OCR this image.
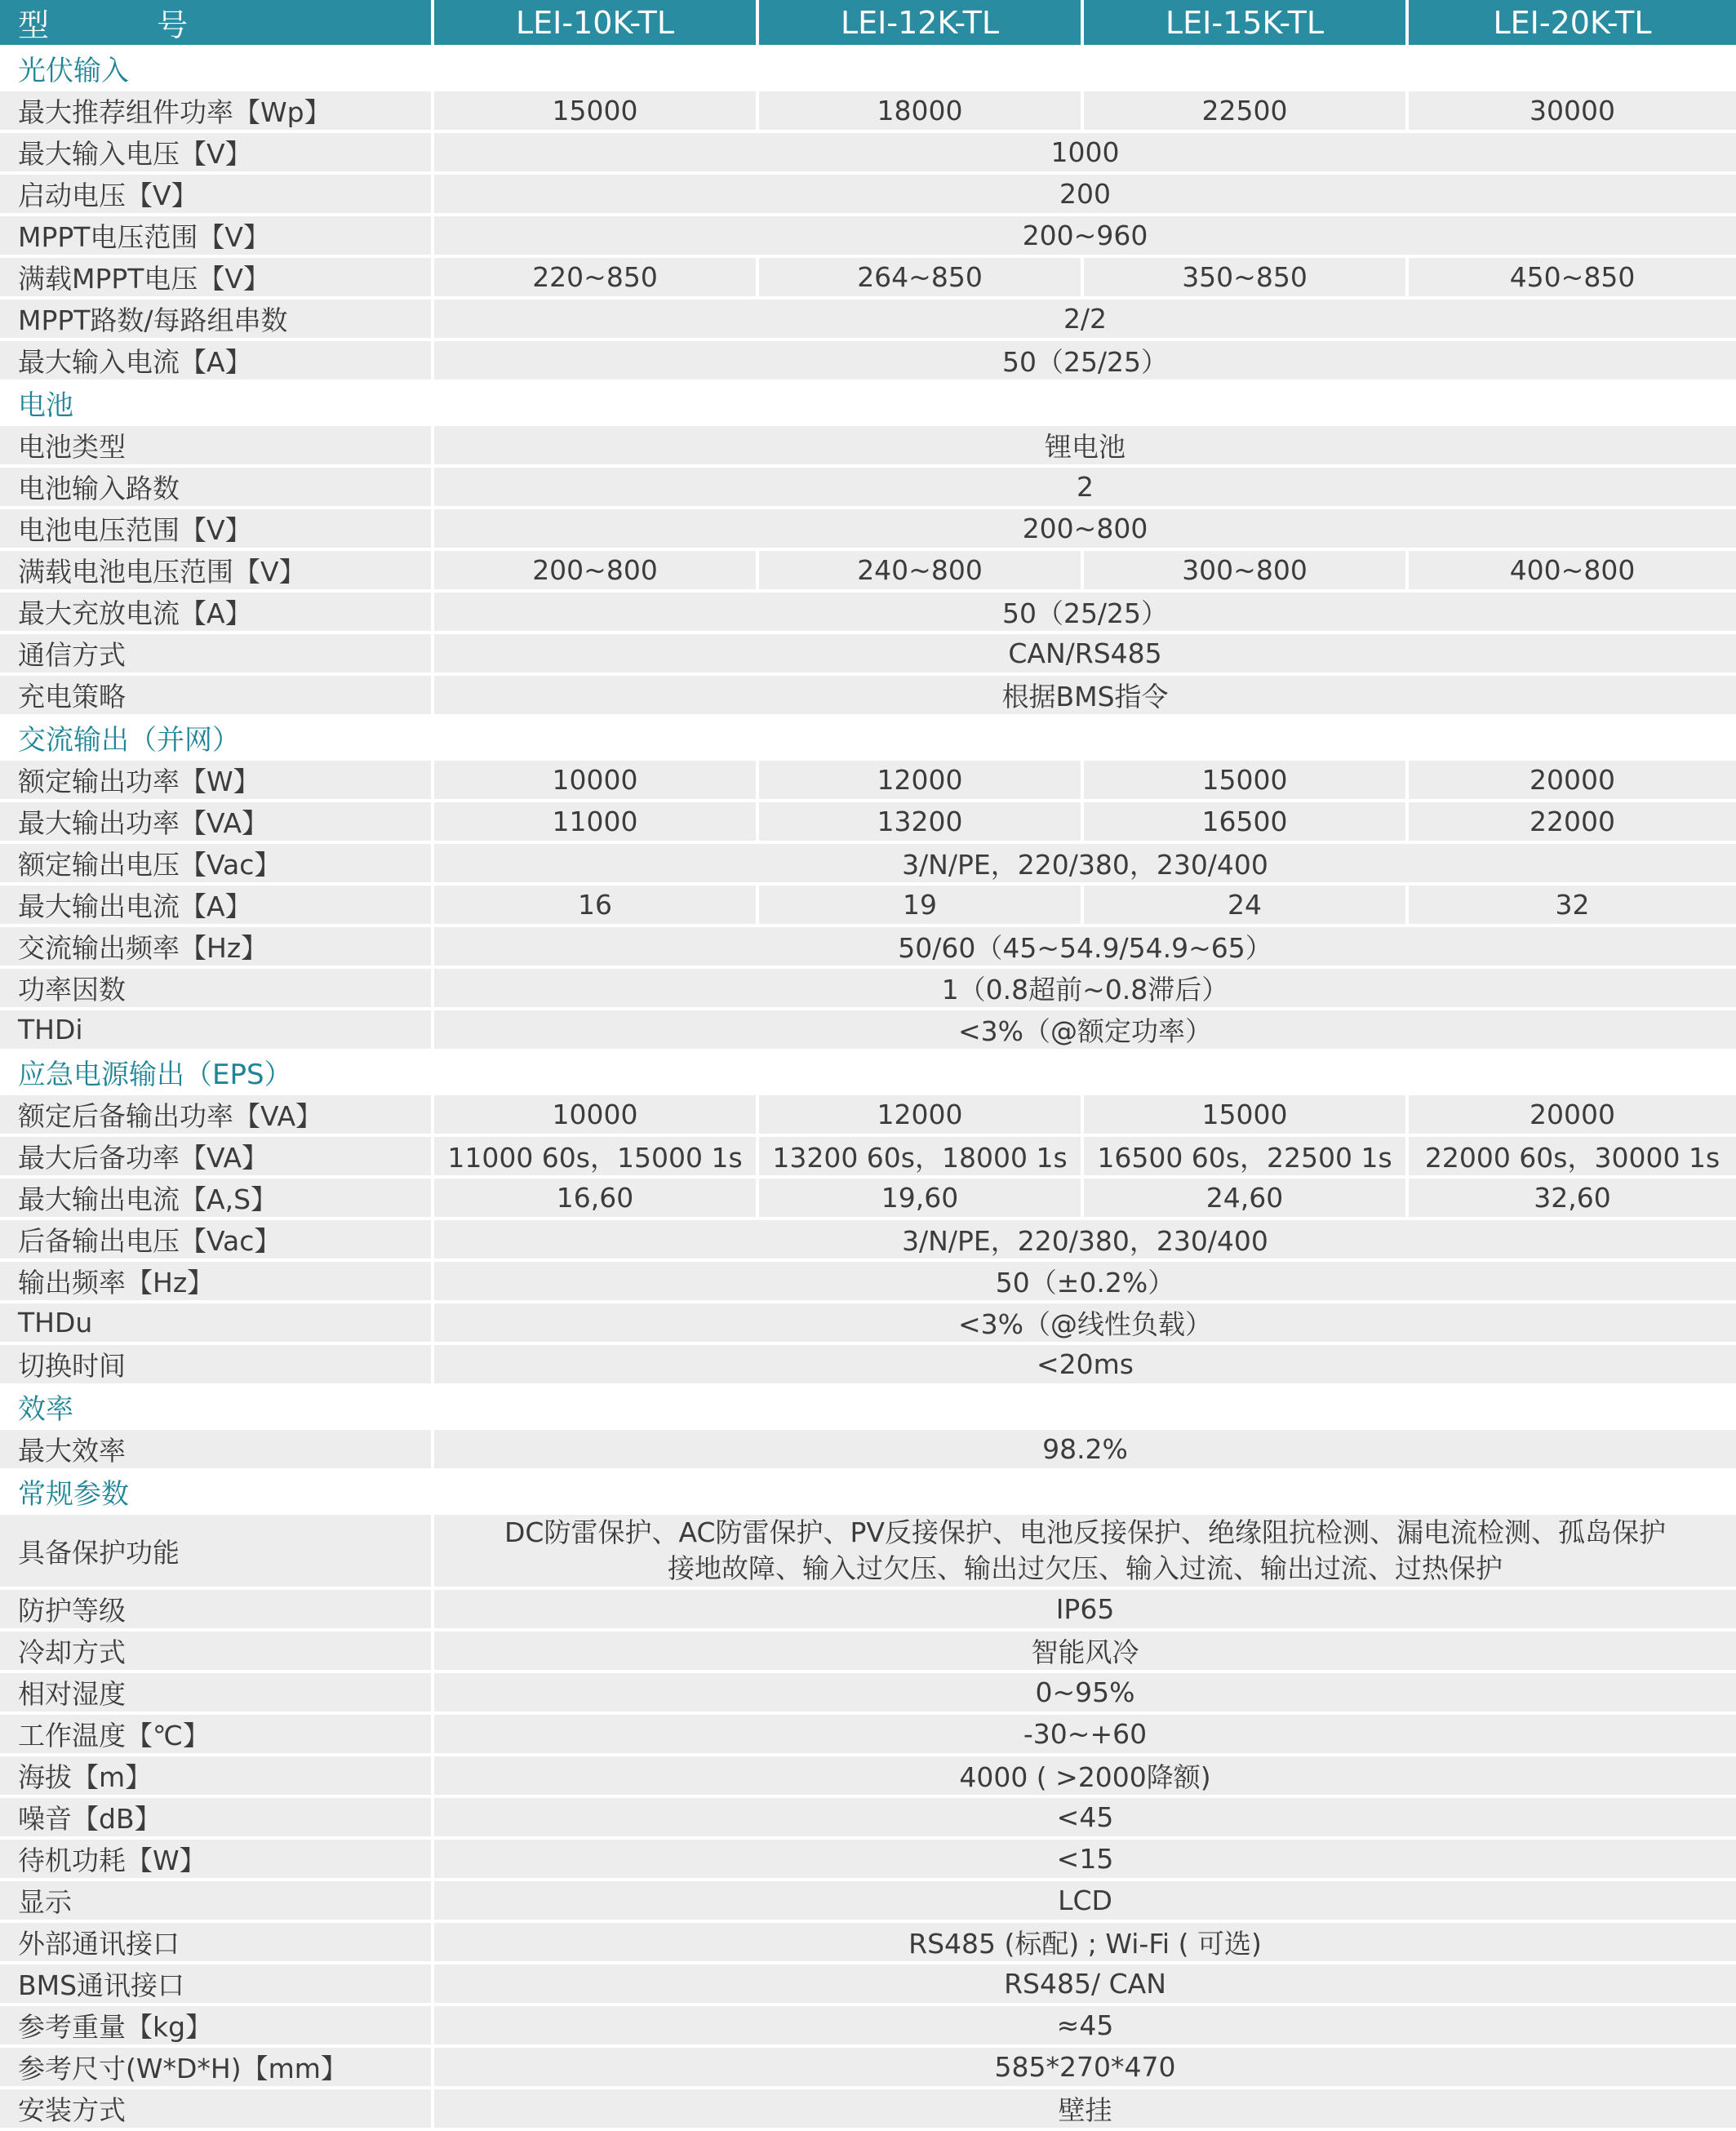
型 号	LEI-10K-TL	LEI-12K-TL	LEI-15K-TL	LEI-20K-TL
光伏输入				
最大推荐组件功率【Wp】	15000	18000	22500	30000
最大输入电压【V】	1000			
启动电压【V】	200			
MPPT电压范围【V】	200~960			
满载MPPT电压【V】	220~850	264~850	350~850	450~850
MPPT路数/每路组串数	2/2			
最大输入电流【A】	50（25/25）			
电池				
电池类型	锂电池			
电池输入路数	2			
电池电压范围【V】	200~800			
满载电池电压范围【V】	200~800	240~800	300~800	400~800
最大充放电流【A】	50（25/25）			
通信方式	CAN/RS485			
充电策略	根据BMS指令			
交流输出（并网）				
额定输出功率【W】	10000	12000	15000	20000
最大输出功率【VA】	11000	13200	16500	22000
额定输出电压【Vac】	3/N/PE，220/380，230/400			
最大输出电流【A】	16	19	24	32
交流输出频率【Hz】	50/60（45~54.9/54.9~65）			
功率因数	1（0.8超前~0.8滞后）			
THDi	<3%（@额定功率）			
应急电源输出（EPS）				
额定后备输出功率【VA】	10000	12000	15000	20000
最大后备功率【VA】	11000 60s，15000 1s	13200 60s，18000 1s	16500 60s，22500 1s	22000 60s，30000 1s
最大输出电流【A,S】	16,60	19,60	24,60	32,60
后备输出电压【Vac】	3/N/PE，220/380，230/400			
输出频率【Hz】	50（±0.2%）			
THDu	<3%（@线性负载）			
切换时间	<20ms			
效率				
最大效率	98.2%			
常规参数				
具备保护功能	DC防雷保护、AC防雷保护、PV反接保护、电池反接保护、绝缘阻抗检测、漏电流检测、孤岛保护
接地故障、输入过欠压、输出过欠压、输入过流、输出过流、过热保护			

防护等级	IP65			
冷却方式	智能风冷			
相对湿度	0~95%			
工作温度【℃】	-30~+60			
海拔【m】	4000 ( >2000降额)			
噪音【dB】	<45			
待机功耗【W】	<15			
显示	LCD			
外部通讯接口	RS485 (标配) ; Wi-Fi ( 可选)			
BMS通讯接口	RS485/ CAN			
参考重量【kg】	≈45			
参考尺寸(W*D*H)【mm】	585*270*470			
安装方式	壁挂			
